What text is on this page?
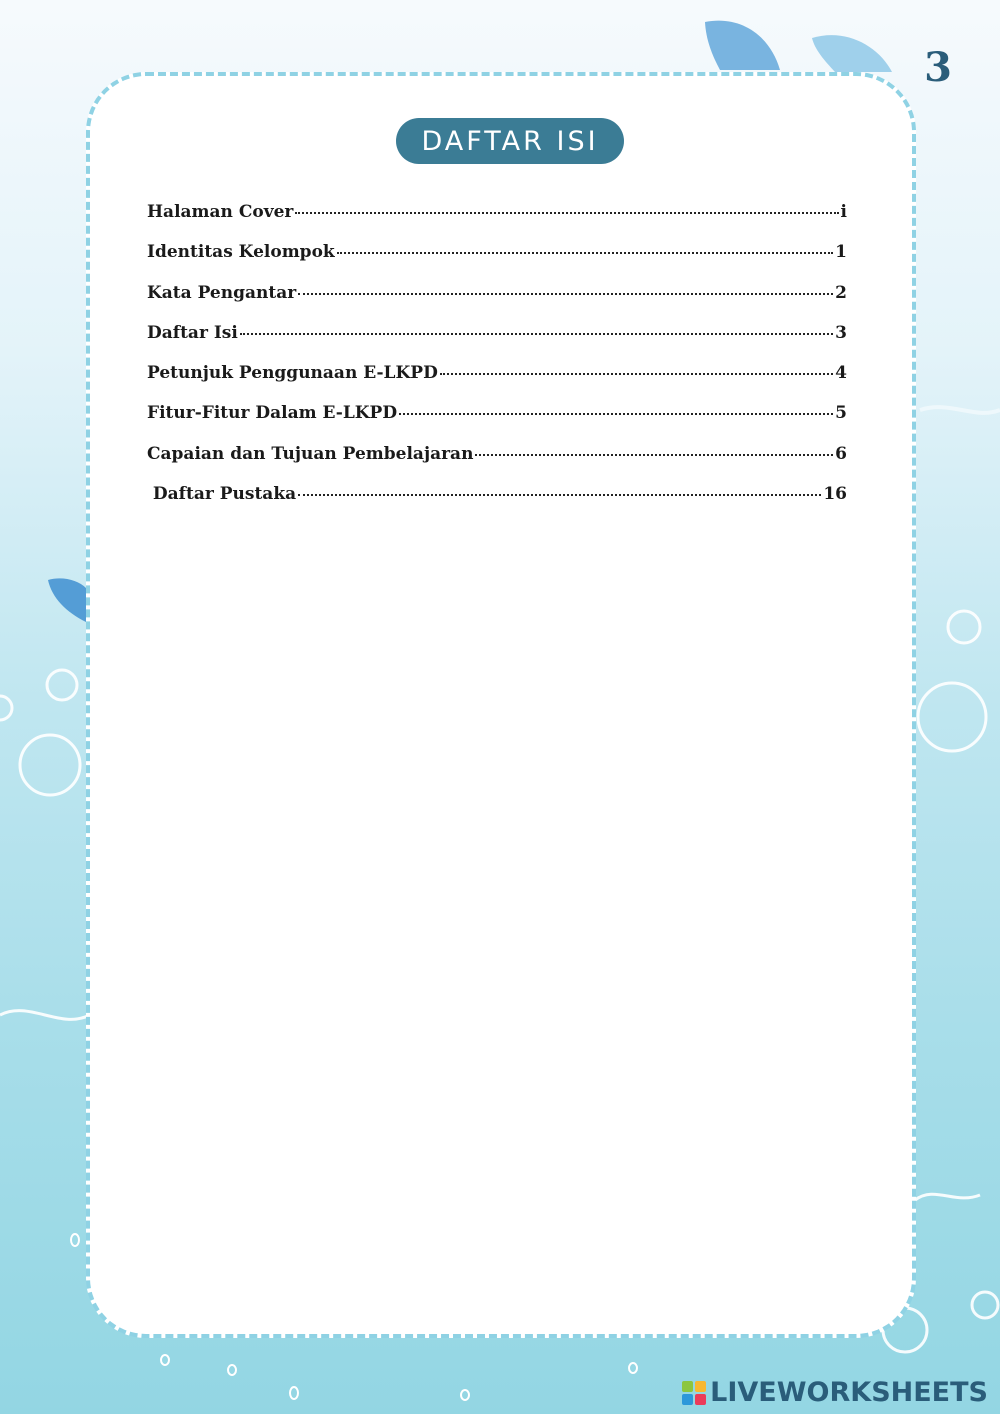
3
DAFTAR ISI
Halaman Cover	i
Identitas Kelompok	1
Kata Pengantar	2
Daftar Isi	3
Petunjuk Penggunaan E-LKPD	4
Fitur-Fitur Dalam E-LKPD	5
Capaian dan Tujuan Pembelajaran	6
Daftar Pustaka	16
LIVEWORKSHEETS
